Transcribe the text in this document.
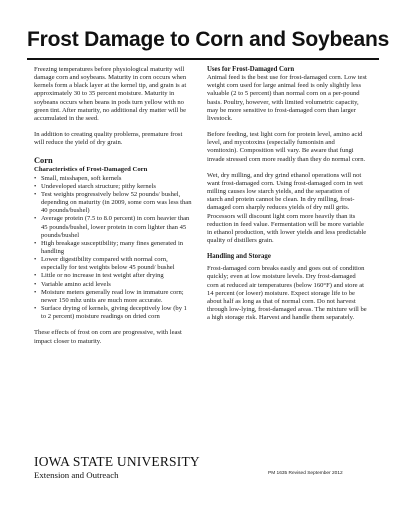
Frost Damage to Corn and Soybeans

Freezing temperatures before physiological maturity will damage corn and soybeans. Maturity in corn occurs when kernels form a black layer at the kernel tip, and grain is at approximately 30 to 35 percent moisture. Maturity in soybeans occurs when beans in pods turn yellow with no green tint. After maturity, no additional dry matter will be accumulated in the seed.

In addition to creating quality problems, premature frost will reduce the yield of dry grain.

Corn
Characteristics of Frost-Damaged Corn
• Small, misshapen, soft kernels
• Undeveloped starch structure; pithy kernels
• Test weights progressively below 52 pounds/ bushel, depending on maturity (in 2009, some corn was less than 40 pounds/bushel)
• Average protein (7.5 to 8.0 percent) in corn heavier than 45 pounds/bushel, lower protein in corn lighter than 45 pounds/bushel
• High breakage susceptibility; many fines generated in handling
• Lower digestibility compared with normal corn, especially for test weights below 45 pound/ bushel
• Little or no increase in test weight after drying
• Variable amino acid levels
• Moisture meters generally read low in immature corn; newer 150 mhz units are much more accurate.
• Surface drying of kernels, giving deceptively low (by 1 to 2 percent) moisture readings on dried corn

These effects of frost on corn are progressive, with least impact closer to maturity.

Uses for Frost-Damaged Corn

Animal feed is the best use for frost-damaged corn. Low test weight corn used for large animal feed is only slightly less valuable (2 to 5 percent) than normal corn on a per-pound basis. Poultry, however, with limited volumetric capacity, may be more sensitive to frost-damaged corn than larger livestock.

Before feeding, test light corn for protein level, amino acid level, and mycotoxins (especially fumonisin and vomitoxin). Composition will vary. Be aware that fungi invade stressed corn more readily than they do normal corn.

Wet, dry milling, and dry grind ethanol operations will not want frost-damaged corn. Using frost-damaged corn in wet milling causes low starch yields, and the separation of starch and protein cannot be clean. In dry milling, frost-damaged corn sharply reduces yields of dry mill grits. Processors will discount light corn more heavily than its reduction in feed value. Fermentation will be more variable in ethanol production, with lower yields and less predictable quality of distillers grain.

Handling and Storage

Frost-damaged corn breaks easily and goes out of condition quickly; even at low moisture levels. Dry frost-damaged corn at reduced air temperatures (below 160°F) and store at 14 percent (or lower) moisture. Expect storage life to be about half as long as that of normal corn. Do not harvest through low-lying, frost-damaged areas. The mixture will be a high storage risk. Harvest and handle them separately.

IOWA STATE UNIVERSITY
Extension and Outreach	PM 1635 Revised September 2012
